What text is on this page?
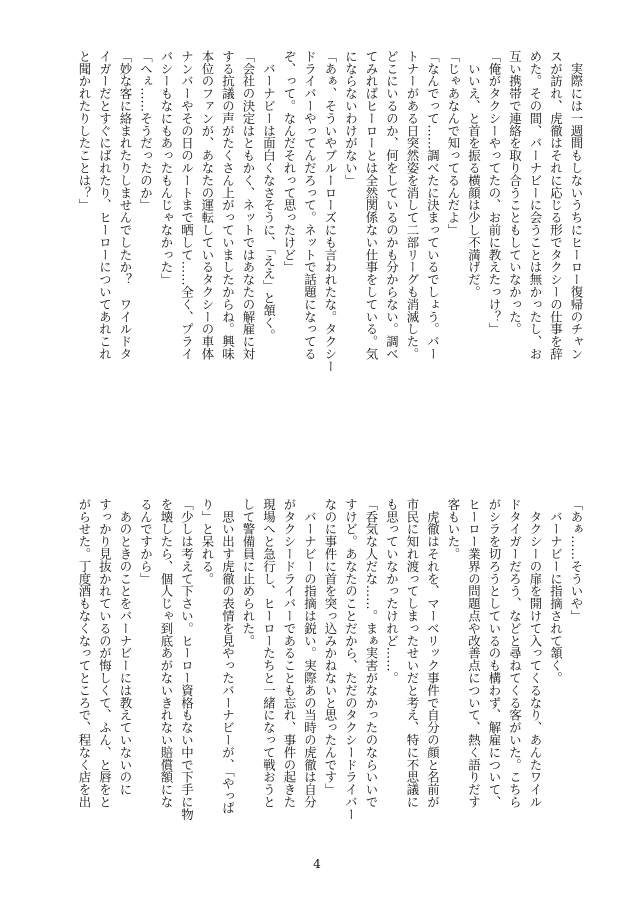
　実際には一週間もしないうちにヒーロー復帰のチャン

スが訪れ、虎徹はそれに応じる形でタクシーの仕事を辞

めた。その間、バーナビーに会うことは無かったし、お

互い携帯で連絡を取り合うこともしていなかった。

「俺がタクシーやってたの、お前に教えたっけ？」

　いいえ、と首を振る横顔は少し不満げだ。

「じゃあなんで知ってるんだよ」

「なんでって……調べたに決まっているでしょう。バー

トナーがある日突然姿を消して二部リーグも消滅した。

どこにいるのか、何をしているのかも分からない。調べ

てみればヒーローとは全然関係ない仕事をしている。気

にならないわけがない」

「あぁ、そういやブルーローズにも言われたな。タクシー

ドライバーやってんだろって。ネットで話題になってる

ぞ、って。なんだそれって思ったけど」

　バーナビーは面白くなさそうに、「ええ」と頷く。

「会社の決定はともかく、ネットではあなたの解雇に対

する抗議の声がたくさん上がっていましたからね。興味

本位のファンが、あなたの運転しているタクシーの車体

ナンバーやその日のルートまで晒して……全く、プライ

バシーもなにもあったもんじゃなかった」

「へぇ……そうだったのか」

「妙な客に絡まれたりしませんでしたか？　ワイルドタ

イガーだとすぐにばれたり、ヒーローについてあれこれ

と聞かれたりしたことは？」

「あぁ……そういや」

　バーナビーに指摘されて頷く。

　タクシーの扉を開けて入ってくるなり、あんたワイル

ドタイガーだろう、などと尋ねてくる客がいた。こちら

がシラを切ろうとしているのも構わず、解雇について、

ヒーロー業界の問題点や改善点について、熱く語りだす

客もいた。

　虎徹はそれを、マーベリック事件で自分の顔と名前が

市民に知れ渡ってしまったせいだと考え、特に不思議に

も思っていなかったけれど……。

「呑気な人だな……。まぁ実害がなかったのならいいで

すけど。あなたのことだから、ただのタクシードライバー

なのに事件に首を突っ込みかねないと思ったんです」

　バーナビーの指摘は鋭い。実際あの当時の虎徹は自分

がタクシードライバーであることも忘れ、事件の起きた

現場へと急行し、ヒーローたちと一緒になって戦おうと

して警備員に止められた。

　思い出す虎徹の表情を見やったバーナビーが、「やっぱ

り」と呆れる。

「少しは考えて下さい。ヒーロー資格もない中で下手に物

を壊したら、個人じゃ到底あがないきれない賠償額にな

るんですから」

　あのときのことをバーナビーには教えていないのに

すっかり見抜かれているのが悔しくて、ふん、と唇をと

がらせた。丁度酒もなくなってところで、程なく店を出

4
